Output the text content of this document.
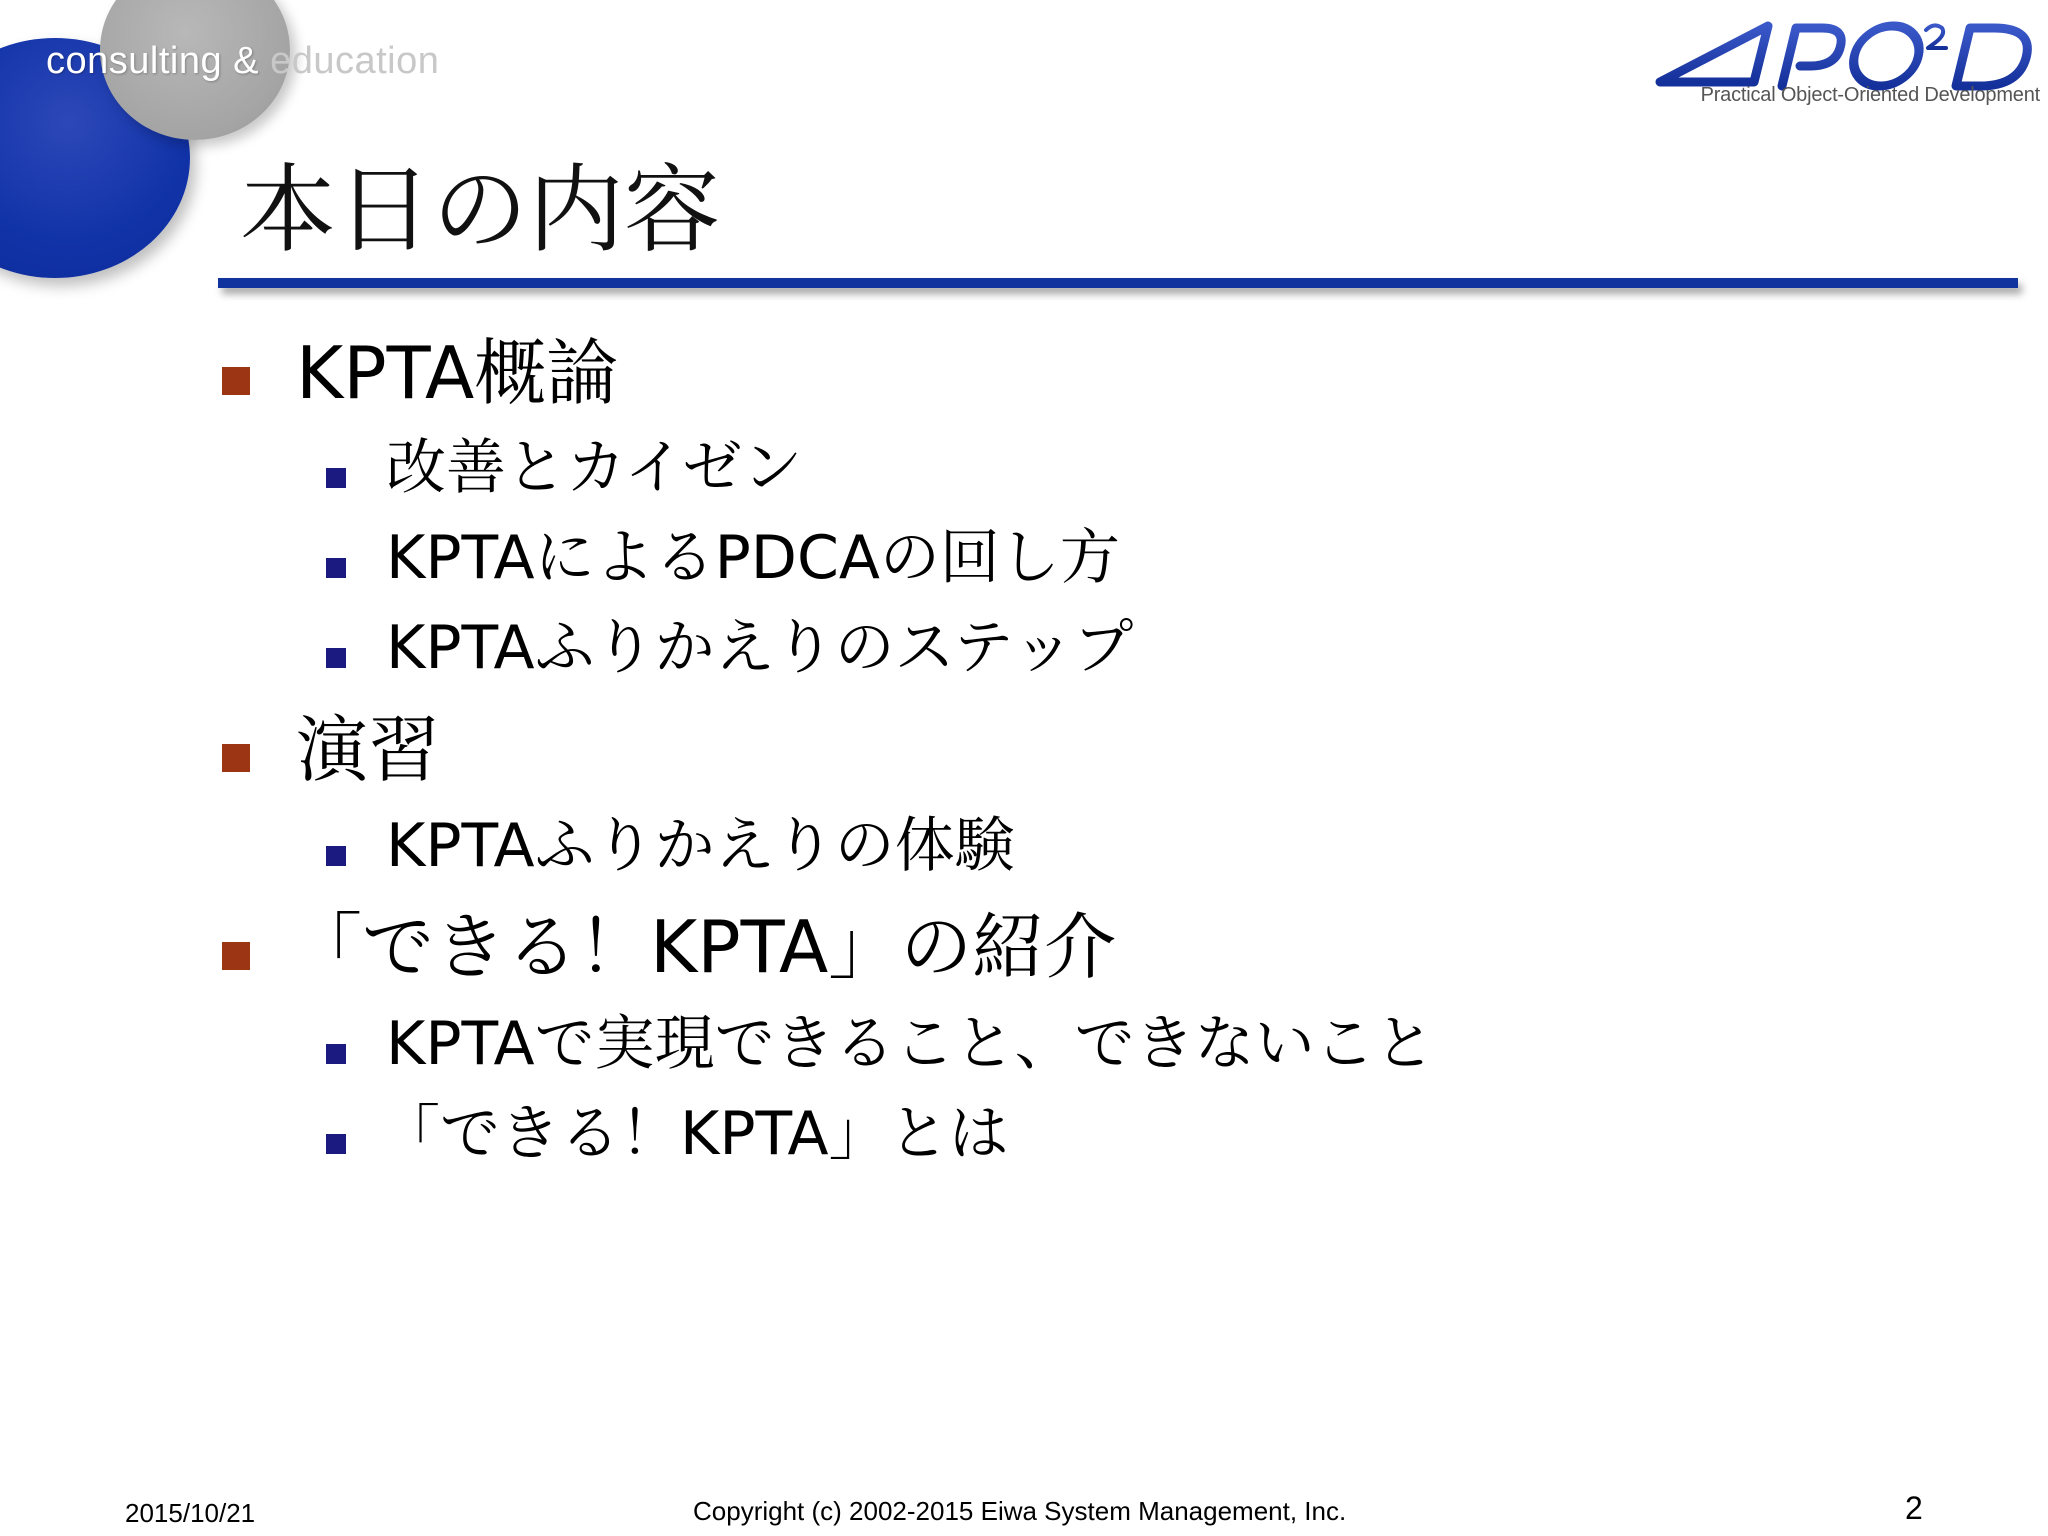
consulting & education
Practical Object-Oriented Development
本日の内容
KPTA概論
改善とカイゼン
KPTAによるPDCAの回し方
KPTAふりかえりのステップ
演習
KPTAふりかえりの体験
「できる！KPTA」の紹介
KPTAで実現できること、できないこと
「できる！KPTA」とは
2015/10/21	Copyright (c) 2002-2015 Eiwa System Management, Inc.	2
